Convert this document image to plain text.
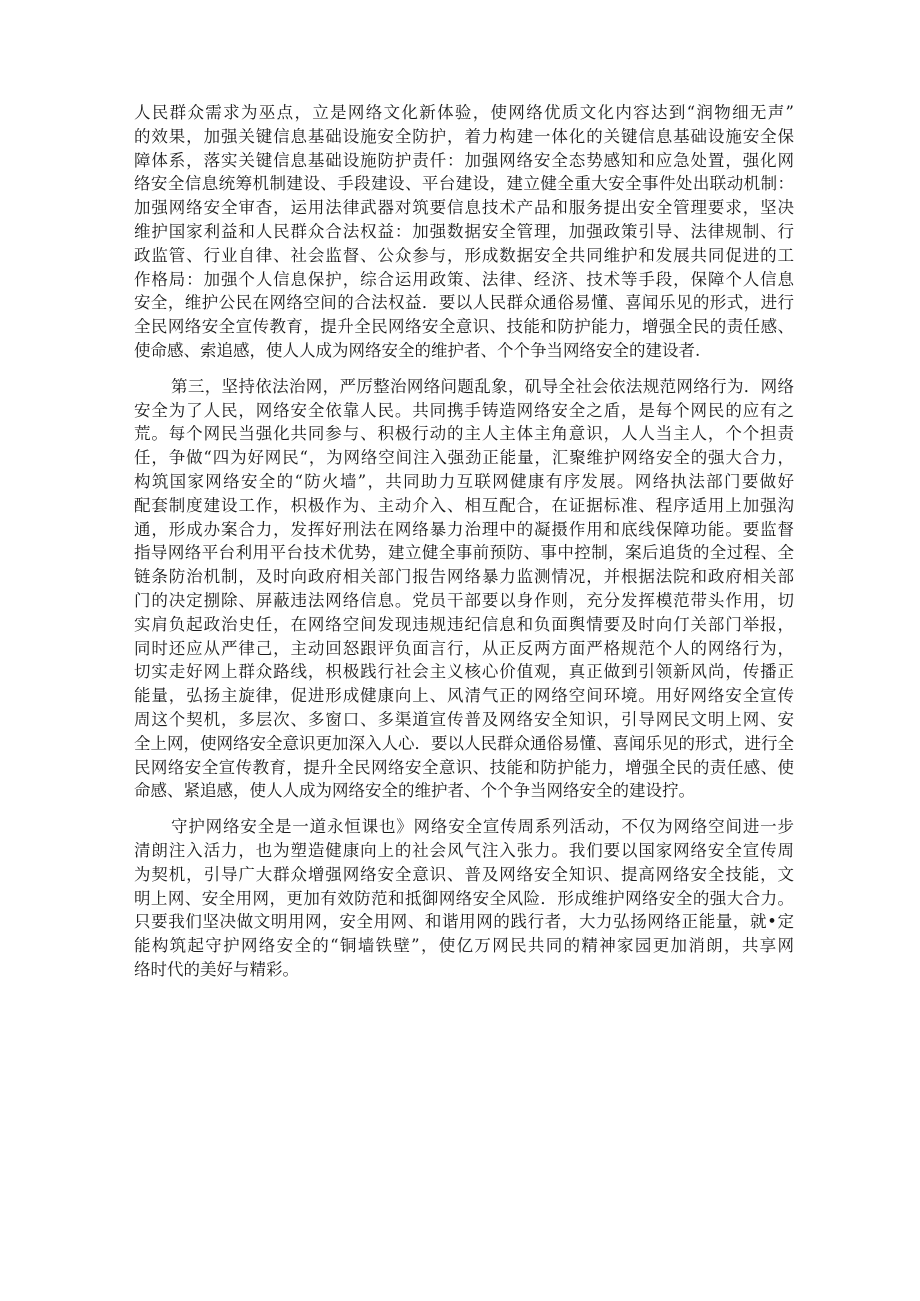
人民群众需求为巫点，立是网络文化新体验，使网络优质文化内容达到“润物细无声”
的效果，加强关键信息基础设施安全防护，着力构建一体化的关键信息基础设施安全保
障体系，落实关键信息基础设施防护责仟：加强网络安全态势感知和应急处置，强化网
络安全信息统筹机制建设、手段建设、平台建设，建立健全重大安全事件处出联动机制：
加强网络安全审杳，运用法律武器对筑要信息技术产品和服务提出安全管理要求，坚决
维护国家利益和人民群众合法权益：加强数据安全管理，加强政策引导、法律规制、行
政监管、行业自律、社会监督、公众参与，形成数据安全共同维护和发展共同促进的工
作格局：加强个人信息保护，综合运用政策、法律、经济、技术等手段，保障个人信息
安全，维护公民在网络空间的合法权益．要以人民群众通俗易懂、喜闻乐见的形式，进行
全民网络安全宣传教育，提升全民网络安全意识、技能和防护能力，增强全民的责任感、
使命感、索追感，使人人成为网络安全的维护者、个个争当网络安全的建设者.
第三，坚持依法治网，严厉整治网络问题乱象，矶导全社会依法规范网络行为．网络
安全为了人民，网络安全依靠人民。共同携手铸造网络安全之盾，是每个网民的应有之
荒。每个网民当强化共同参与、积极行动的主人主体主角意识，人人当主人，个个担责
任，争做“四为好网民“，为网络空间注入强劲正能量，汇聚维护网络安全的强大合力，
构筑国家网络安全的“防火墙”，共同助力互联网健康有序发展。网络执法部门要做好
配套制度建设工作，枳极作为、主动介入、相互配合，在证据标准、程序适用上加强沟
通，形成办案合力，发挥好刑法在网络暴力治理中的凝摄作用和底线保障功能。要监督
指导网络平台利用平台技术优势，建立健全事前预防、事中控制，案后追货的全过程、全
链条防治机制，及时向政府相关部门报告网络暴力监测情况，并根据法院和政府相关部
门的决定捌除、屏蔽违法网络信息。党员干部要以身作则，充分发挥模范带头作用，切
实肩负起政治史任，在网络空间发现违规违纪信息和负面舆情要及时向仃关部门举报，
同时还应从严律己，主动回怒跟评负面言行，从正反两方面严格规范个人的网络行为，
切实走好网上群众路线，枳极践行社会主义核心价值观，真正做到引领新风尚，传播正
能量，弘扬主旋律，促进形成健康向上、风清气正的网络空间环境。用好网络安全宣传
周这个契机，多层次、多窗口、多渠道宣传普及网络安全知识，引导网民文明上网、安
全上网，使网络安全意识更加深入人心．要以人民群众通俗易懂、喜闻乐见的形式，进行全
民网络安全宣传教育，提升全民网络安全意识、技能和防护能力，增强全民的责任感、使
命感、紧追感，使人人成为网络安全的维护者、个个争当网络安全的建设拧。
守护网络安全是一道永恒课也》网络安全宣传周系列活动，不仅为网络空间进一步
清朗注入活力，也为塑造健康向上的社会风气注入张力。我们要以国家网络安全宣传周
为契机，引导广大群众增强网络安全意识、普及网络安全知识、提高网络安全技能，文
明上网、安全用网，更加有效防范和抵御网络安全风险．形成维护网络安全的强大合力。
只要我们坚决做文明用网，安全用网、和谐用网的践行者，大力弘扬网络正能量，就•定
能构筑起守护网络安全的“铜墙铁壁”，使亿万网民共同的精神家园更加消朗，共享网
络时代的美好与精彩。
